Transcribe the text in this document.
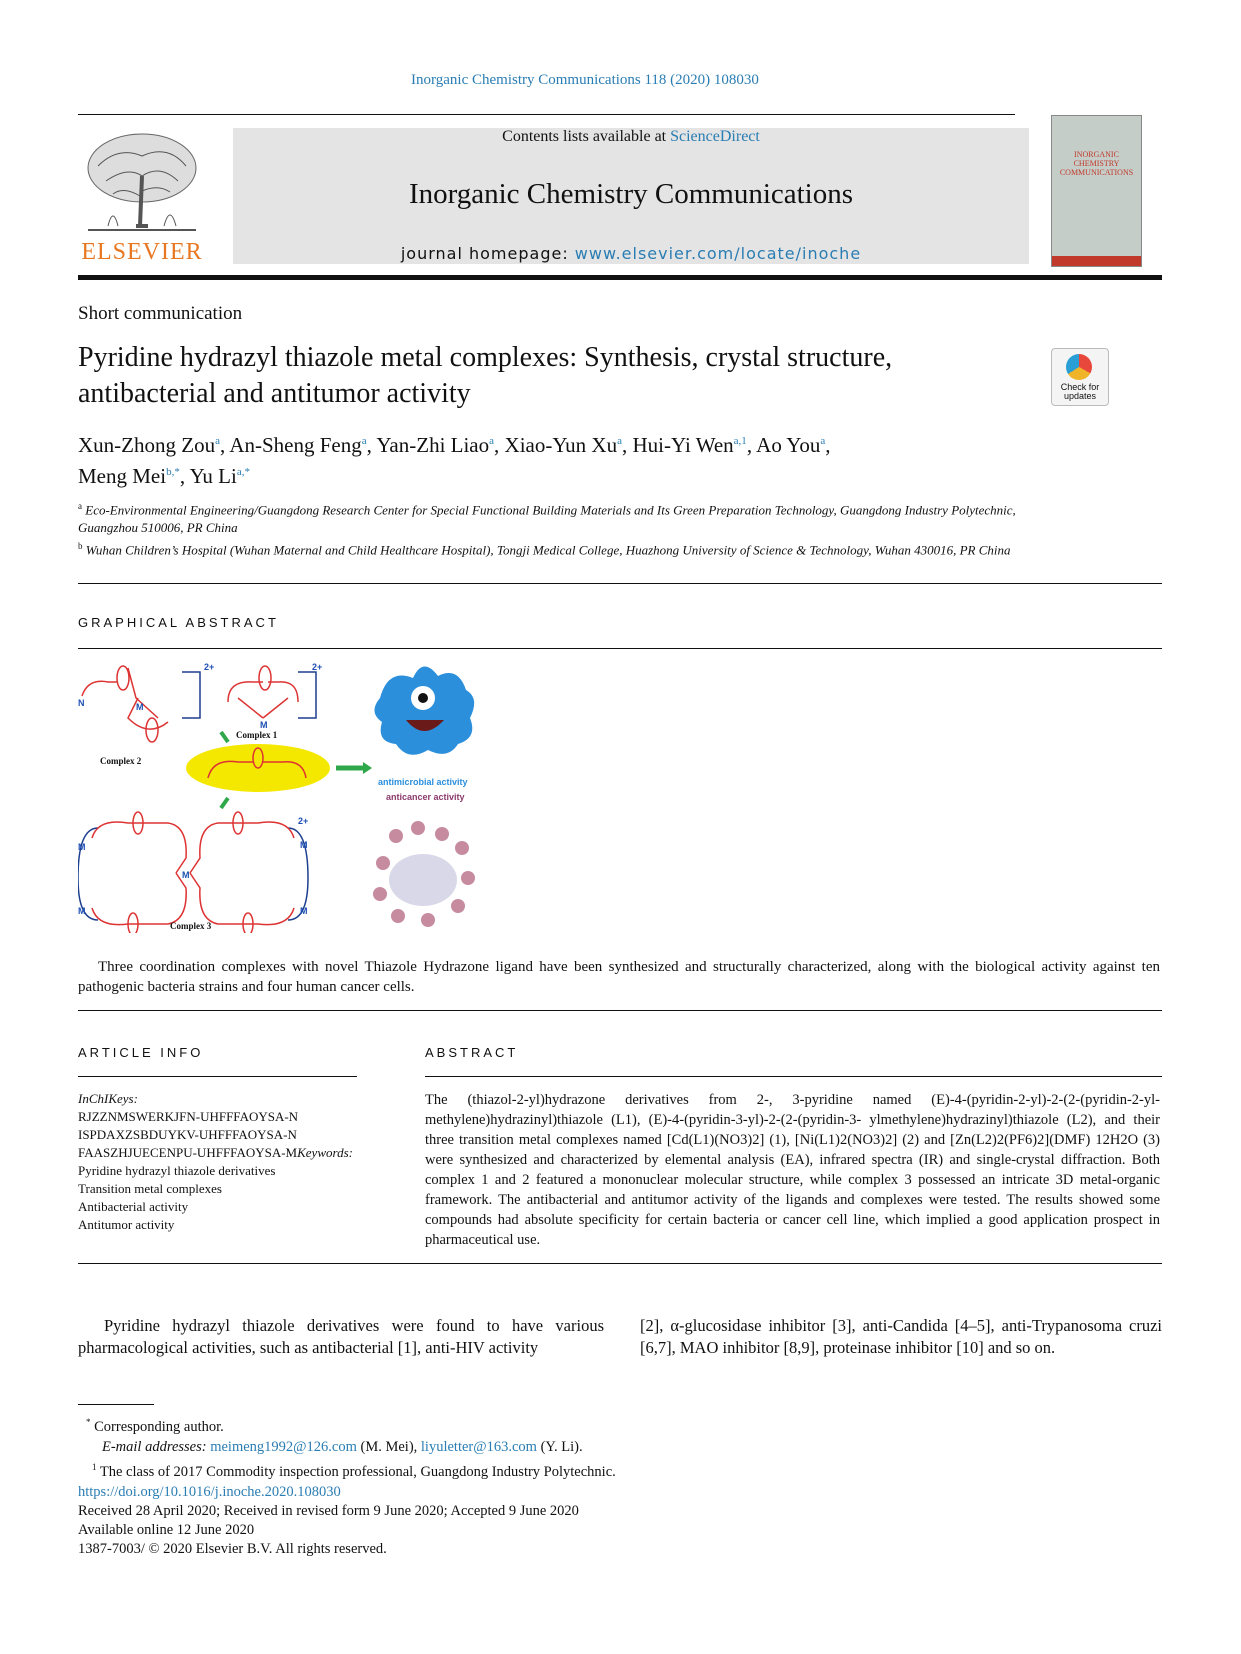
Inorganic Chemistry Communications 118 (2020) 108030
ELSEVIER
Contents lists available at ScienceDirect
Inorganic Chemistry Communications
journal homepage: www.elsevier.com/locate/inoche
INORGANIC CHEMISTRY COMMUNICATIONS
Short communication
Pyridine hydrazyl thiazole metal complexes: Synthesis, crystal structure, antibacterial and antitumor activity	Check for updates
Xun-Zhong Zou$^a$, An-Sheng Feng$^a$, Yan-Zhi Liao$^a$, Xiao-Yun Xu$^a$, Hui-Yi Wen$^{a,1}$, Ao You$^a$,
Meng Mei$^{b,*}$, Yu $Li^{a,*}$

$^a$ Eco-Environmental Engineering/Guangdong Research Center for Special Functional Building Materials and Its Green Preparation Technology, Guangdong Industry Polytechnic, Guangzhou 510006, PR China

$^b$ Wuhan Children’s Hospital (Wuhan Maternal and Child Healthcare Hospital), Tongji Medical College, Huazhong University of Science & Technology, Wuhan 430016, PR China

GRAPHICAL ABSTRACT
N	M
2+
Complex 2
M
2+
Complex 1
M
M
M
M
M
2+
Complex 3
antimicrobial activity
anticancer activity
Three coordination complexes with novel Thiazole Hydrazone ligand have been synthesized and structurally characterized, along with the biological activity against ten pathogenic bacteria strains and four human cancer cells.
ARTICLE INFO	ABSTRACT
InChIKeys:
RJZZNMSWERKJFN-UHFFFAOYSA-N
ISPDAXZSBDUYKV-UHFFFAOYSA-N
FAASZHJUECENPU-UHFFFAOYSA-MKeywords:
Pyridine hydrazyl thiazole derivatives
Transition metal complexes
Antibacterial activity
Antitumor activity
The (thiazol-2-yl)hydrazone derivatives from 2-, 3-pyridine named (E)-4-(pyridin-2-yl)-2-(2-(pyridin-2-yl-methylene)hydrazinyl)thiazole (L1), (E)-4-(pyridin-3-yl)-2-(2-(pyridin-3- ylmethylene)hydrazinyl)thiazole (L2), and their three transition metal complexes named [Cd(L1)(NO3)2] (1), [Ni(L1)2(NO3)2] (2) and [Zn(L2)2(PF6)2](DMF) 12H2O (3) were synthesized and characterized by elemental analysis (EA), infrared spectra (IR) and single-crystal diffraction. Both complex 1 and 2 featured a mononuclear molecular structure, while complex 3 possessed an intricate 3D metal-organic framework. The antibacterial and antitumor activity of the ligands and complexes were tested. The results showed some compounds had absolute specificity for certain bacteria or cancer cell line, which implied a good application prospect in pharmaceutical use.
Pyridine hydrazyl thiazole derivatives were found to have various pharmacological activities, such as antibacterial [1], anti-HIV activity
[2], α-glucosidase inhibitor [3], anti-Candida [4–5], anti-Trypanosoma cruzi [6,7], MAO inhibitor [8,9], proteinase inhibitor [10] and so on.
* Corresponding author.
E-mail addresses: meimeng1992@126.com (M. Mei), liyuletter@163.com (Y. Li).
$^1$ The class of 2017 Commodity inspection professional, Guangdong Industry Polytechnic.
https://doi.org/10.1016/j.inoche.2020.108030
Received 28 April 2020; Received in revised form 9 June 2020; Accepted 9 June 2020
Available online 12 June 2020
1387-7003/ © 2020 Elsevier B.V. All rights reserved.
